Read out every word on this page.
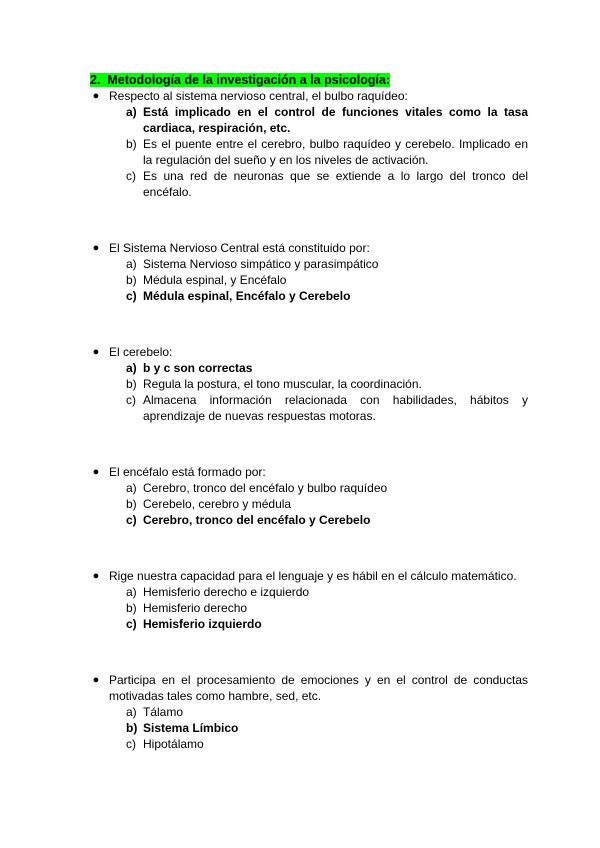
2. Metodología de la investigación a la psicología:
● Respecto al sistema nervioso central, el bulbo raquídeo:
a) Está implicado en el control de funciones vitales como la tasa cardiaca, respiración, etc.
b) Es el puente entre el cerebro, bulbo raquídeo y cerebelo. Implicado en la regulación del sueño y en los niveles de activación.
c) Es una red de neuronas que se extiende a lo largo del tronco del encéfalo.
● El Sistema Nervioso Central está constituido por:
a) Sistema Nervioso simpático y parasimpático
b) Médula espinal, y Encéfalo
c) Médula espinal, Encéfalo y Cerebelo
● El cerebelo:
a) b y c son correctas
b) Regula la postura, el tono muscular, la coordinación.
c) Almacena información relacionada con habilidades, hábitos y aprendizaje de nuevas respuestas motoras.
● El encéfalo está formado por:
a) Cerebro, tronco del encéfalo y bulbo raquídeo
b) Cerebelo, cerebro y médula
c) Cerebro, tronco del encéfalo y Cerebelo
● Rige nuestra capacidad para el lenguaje y es hábil en el cálculo matemático.
a) Hemisferio derecho e izquierdo
b) Hemisferio derecho
c) Hemisferio izquierdo
● Participa en el procesamiento de emociones y en el control de conductas motivadas tales como hambre, sed, etc.
a) Tálamo
b) Sistema Límbico
c) Hipotálamo
